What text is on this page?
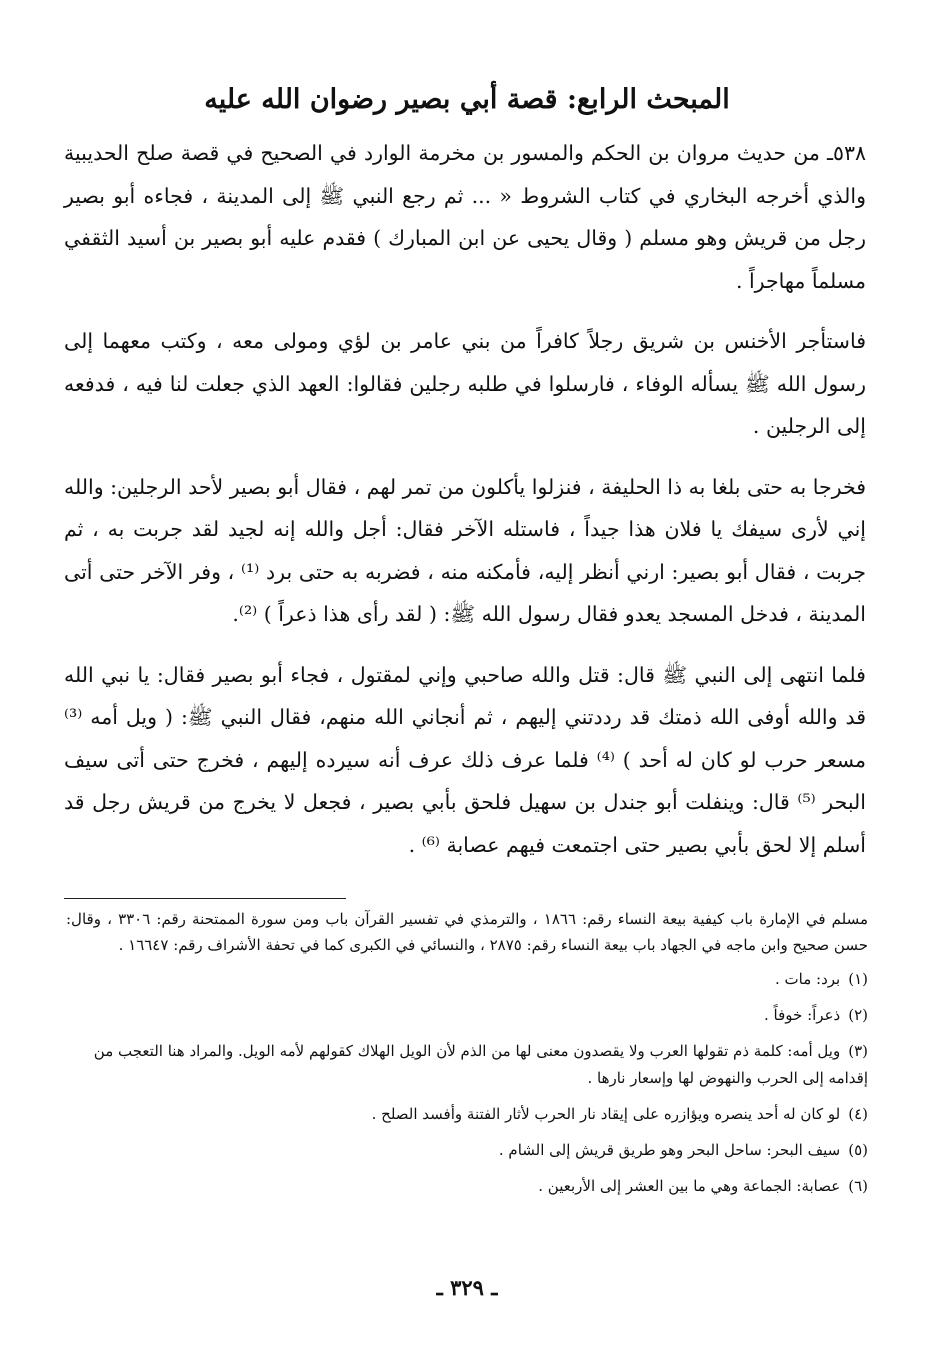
المبحث الرابع: قصة أبي بصير رضوان الله عليه

٥٣٨ـ من حديث مروان بن الحكم والمسور بن مخرمة الوارد في الصحيح في قصة صلح الحديبية والذي أخرجه البخاري في كتاب الشروط « ... ثم رجع النبي ﷺ إلى المدينة ، فجاءه أبو بصير رجل من قريش وهو مسلم ( وقال يحيى عن ابن المبارك ) فقدم عليه أبو بصير بن أسيد الثقفي مسلماً مهاجراً .

فاستأجر الأخنس بن شريق رجلاً كافراً من بني عامر بن لؤي ومولى معه ، وكتب معهما إلى رسول الله ﷺ يسأله الوفاء ، فارسلوا في طلبه رجلين فقالوا: العهد الذي جعلت لنا فيه ، فدفعه إلى الرجلين .

فخرجا به حتى بلغا به ذا الحليفة ، فنزلوا يأكلون من تمر لهم ، فقال أبو بصير لأحد الرجلين: والله إني لأرى سيفك يا فلان هذا جيداً ، فاستله الآخر فقال: أجل والله إنه لجيد لقد جربت به ، ثم جربت ، فقال أبو بصير: ارني أنظر إليه، فأمكنه منه ، فضربه به حتى برد ⁽¹⁾ ، وفر الآخر حتى أتى المدينة ، فدخل المسجد يعدو فقال رسول الله ﷺ: ( لقد رأى هذا ذعراً ) ⁽²⁾.

فلما انتهى إلى النبي ﷺ قال: قتل والله صاحبي وإني لمقتول ، فجاء أبو بصير فقال: يا نبي الله قد والله أوفى الله ذمتك قد رددتني إليهم ، ثم أنجاني الله منهم، فقال النبي ﷺ: ( ويل أمه ⁽³⁾ مسعر حرب لو كان له أحد ) ⁽⁴⁾ فلما عرف ذلك عرف أنه سيرده إليهم ، فخرج حتى أتى سيف البحر ⁽⁵⁾ قال: وينفلت أبو جندل بن سهيل فلحق بأبي بصير ، فجعل لا يخرج من قريش رجل قد أسلم إلا لحق بأبي بصير حتى اجتمعت فيهم عصابة ⁽⁶⁾ .

مسلم في الإمارة باب كيفية بيعة النساء رقم: ١٨٦٦ ، والترمذي في تفسير القرآن باب ومن سورة الممتحنة رقم: ٣٣٠٦ ، وقال: حسن صحيح وابن ماجه في الجهاد باب بيعة النساء رقم: ٢٨٧٥ ، والنسائي في الكبرى كما في تحفة الأشراف رقم: ١٦٦٤٧ .

(١)برد: مات .

(٢)ذعراً: خوفاً .

(٣)ويل أمه: كلمة ذم تقولها العرب ولا يقصدون معنى لها من الذم لأن الويل الهلاك كقولهم لأمه الويل. والمراد هنا التعجب من إقدامه إلى الحرب والنهوض لها وإسعار نارها .

(٤)لو كان له أحد ينصره ويؤازره على إيقاد نار الحرب لأثار الفتنة وأفسد الصلح .

(٥)سيف البحر: ساحل البحر وهو طريق قريش إلى الشام .

(٦)عصابة: الجماعة وهي ما بين العشر إلى الأربعين .

ـ ٣٢٩ ـ
